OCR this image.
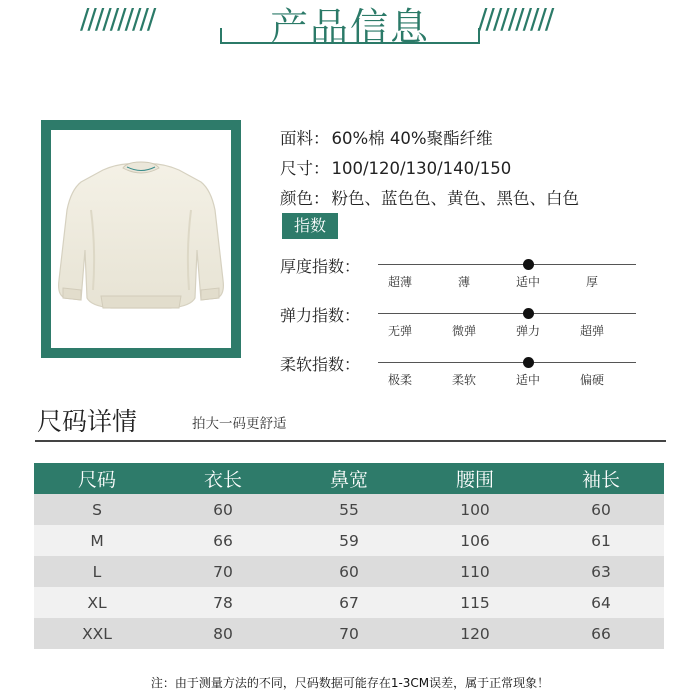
//////////	产品信息	//////////
面料： 60%棉 40%聚酯纤维
尺寸： 100/120/130/140/150
颜色： 粉色、蓝色色、黄色、黑色、白色
指数
厚度指数：
超薄	薄	适中	厚
弹力指数：
无弹	微弹	弹力	超弹
柔软指数：
极柔	柔软	适中	偏硬
尺码详情	拍大一码更舒适
尺码	衣长	鼻宽	腰围	袖长
S	60	55	100	60
M	66	59	106	61
L	70	60	110	63
XL	78	67	115	64
XXL	80	70	120	66
注：由于测量方法的不同，尺码数据可能存在1-3CM误差，属于正常现象！
